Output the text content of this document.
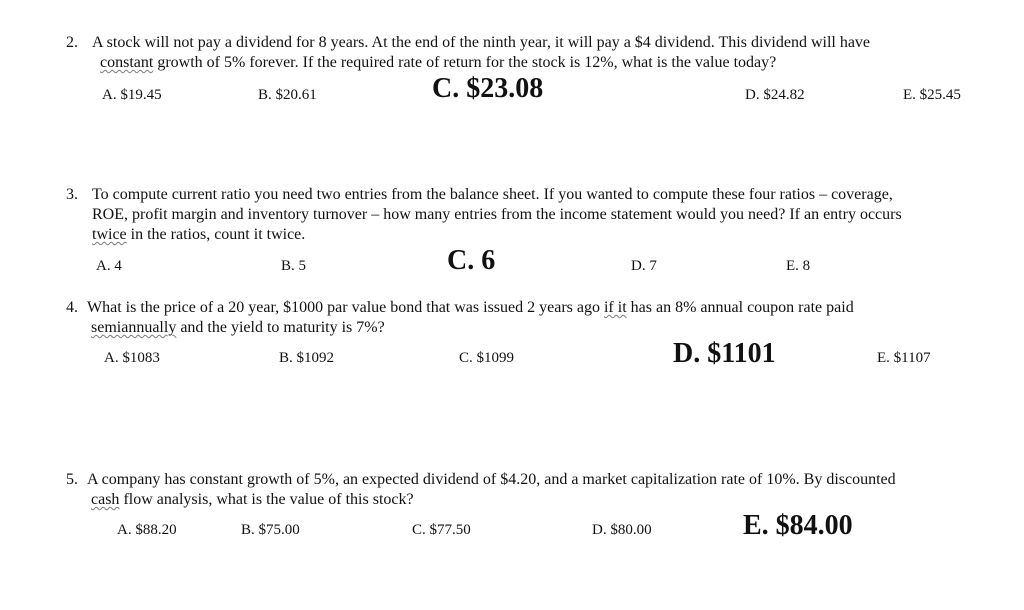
2. A stock will not pay a dividend for 8 years. At the end of the ninth year, it will pay a $4 dividend. This dividend will have
constant growth of 5% forever. If the required rate of return for the stock is 12%, what is the value today?
A. $19.45	B. $20.61	C. $23.08	D. $24.82	E. $25.45
3. To compute current ratio you need two entries from the balance sheet. If you wanted to compute these four ratios – coverage,
ROE, profit margin and inventory turnover – how many entries from the income statement would you need? If an entry occurs
twice in the ratios, count it twice.
A. 4	B. 5	C. 6	D. 7	E. 8
4. What is the price of a 20 year, $1000 par value bond that was issued 2 years ago if it has an 8% annual coupon rate paid
semiannually and the yield to maturity is 7%?
A. $1083	B. $1092	C. $1099	D. $1101	E. $1107
5. A company has constant growth of 5%, an expected dividend of $4.20, and a market capitalization rate of 10%. By discounted
cash flow analysis, what is the value of this stock?
A. $88.20	B. $75.00	C. $77.50	D. $80.00	E. $84.00
